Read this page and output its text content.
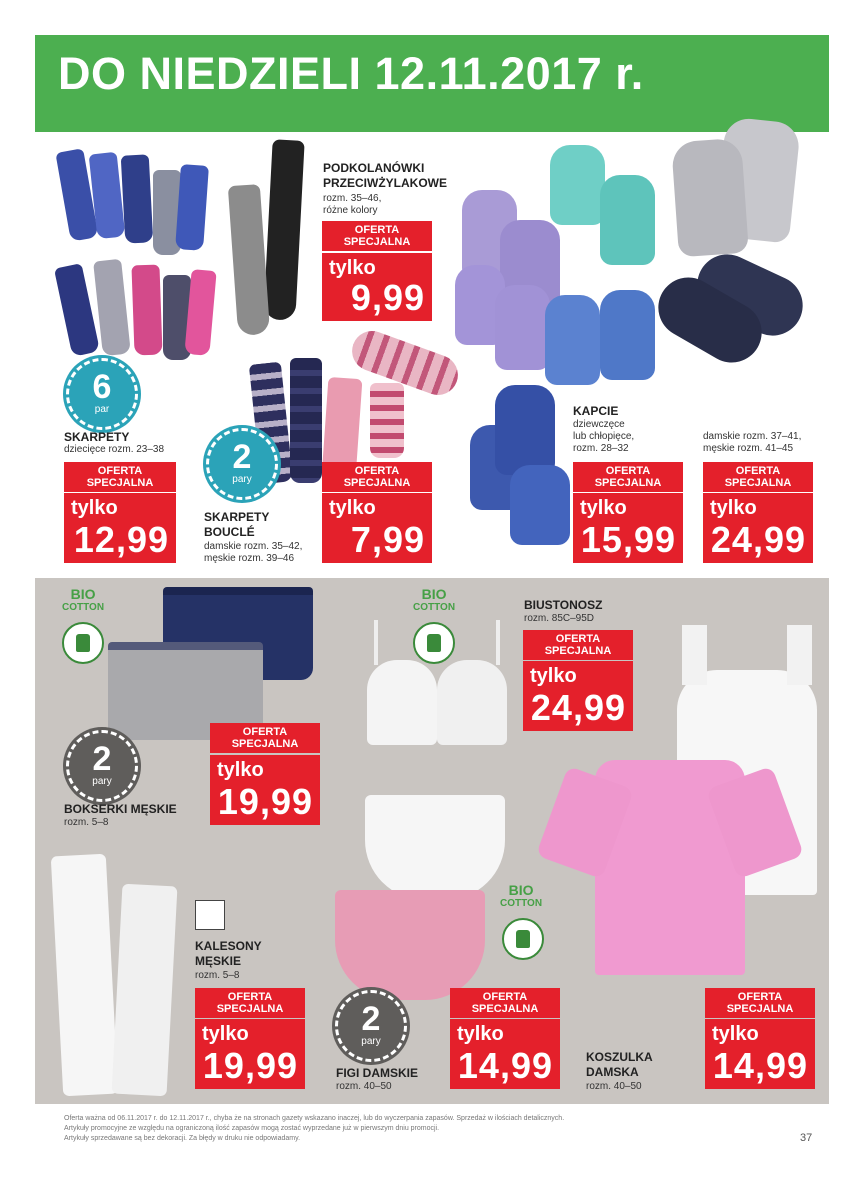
DO NIEDZIELI 12.11.2017 r.
6
par
SKARPETY
dziecięce rozm. 23–38
OFERTA
SPECJALNA
tylko
12,99
PODKOLANÓWKI
PRZECIWŻYLAKOWE
rozm. 35–46,
różne kolory
OFERTA
SPECJALNA
tylko
9,99
2
pary
SKARPETY
BOUCLÉ
damskie rozm. 35–42,
męskie rozm. 39–46
OFERTA
SPECJALNA
tylko
7,99
KAPCIE
dziewczęce
lub chłopięce,
rozm. 28–32
OFERTA
SPECJALNA
tylko
15,99
damskie rozm. 37–41,
męskie rozm. 41–45
OFERTA
SPECJALNA
tylko
24,99
BIO
COTTON
2
pary
BOKSERKI MĘSKIE
rozm. 5–8
OFERTA
SPECJALNA
tylko
19,99
BIO
COTTON	BIUSTONOSZ
rozm. 85C–95D
OFERTA
SPECJALNA
tylko
24,99
KALESONY
MĘSKIE
rozm. 5–8
OFERTA
SPECJALNA
tylko
19,99
BIO
COTTON
2
pary
FIGI DAMSKIE
rozm. 40–50
OFERTA
SPECJALNA
tylko
14,99	KOSZULKA
DAMSKA
rozm. 40–50
OFERTA
SPECJALNA
tylko
14,99
Oferta ważna od 06.11.2017 r. do 12.11.2017 r., chyba że na stronach gazety wskazano inaczej, lub do wyczerpania zapasów. Sprzedaż w ilościach detalicznych.
Artykuły promocyjne ze względu na ograniczoną ilość zapasów mogą zostać wyprzedane już w pierwszym dniu promocji.
Artykuły sprzedawane są bez dekoracji. Za błędy w druku nie odpowiadamy.	37
